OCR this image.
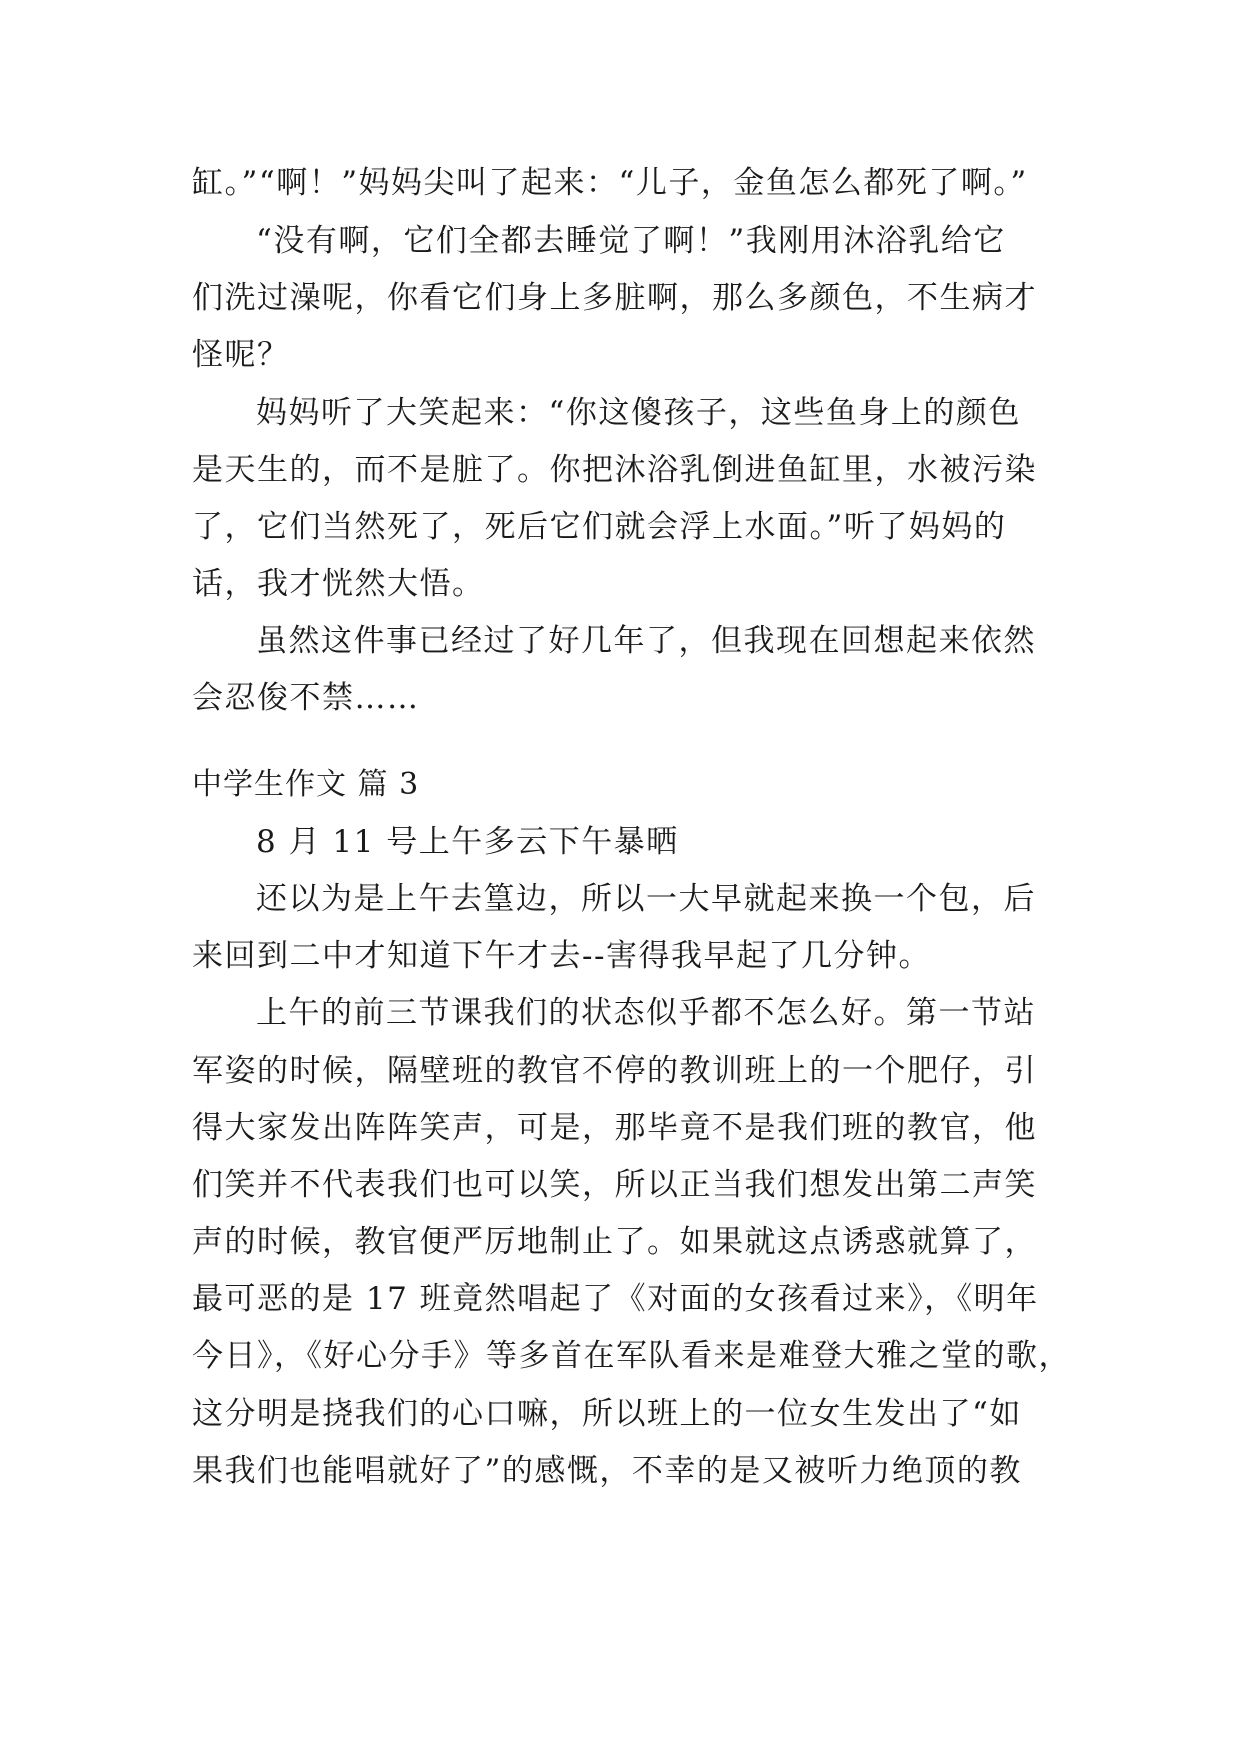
缸。”“啊！”妈妈尖叫了起来：“儿子，金鱼怎么都死了啊。”
“没有啊，它们全都去睡觉了啊！”我刚用沐浴乳给它
们洗过澡呢，你看它们身上多脏啊，那么多颜色，不生病才
怪呢？
妈妈听了大笑起来：“你这傻孩子，这些鱼身上的颜色
是天生的，而不是脏了。你把沐浴乳倒进鱼缸里，水被污染
了，它们当然死了，死后它们就会浮上水面。”听了妈妈的
话，我才恍然大悟。
虽然这件事已经过了好几年了，但我现在回想起来依然
会忍俊不禁……
中学生作文 篇 3
8 月 11 号上午多云下午暴晒
还以为是上午去篁边，所以一大早就起来换一个包，后
来回到二中才知道下午才去--害得我早起了几分钟。
上午的前三节课我们的状态似乎都不怎么好。第一节站
军姿的时候，隔壁班的教官不停的教训班上的一个肥仔，引
得大家发出阵阵笑声，可是，那毕竟不是我们班的教官，他
们笑并不代表我们也可以笑，所以正当我们想发出第二声笑
声的时候，教官便严厉地制止了。如果就这点诱惑就算了，
最可恶的是 17 班竟然唱起了《对面的女孩看过来》，《明年
今日》，《好心分手》等多首在军队看来是难登大雅之堂的歌，
这分明是挠我们的心口嘛，所以班上的一位女生发出了“如
果我们也能唱就好了”的感慨，不幸的是又被听力绝顶的教
